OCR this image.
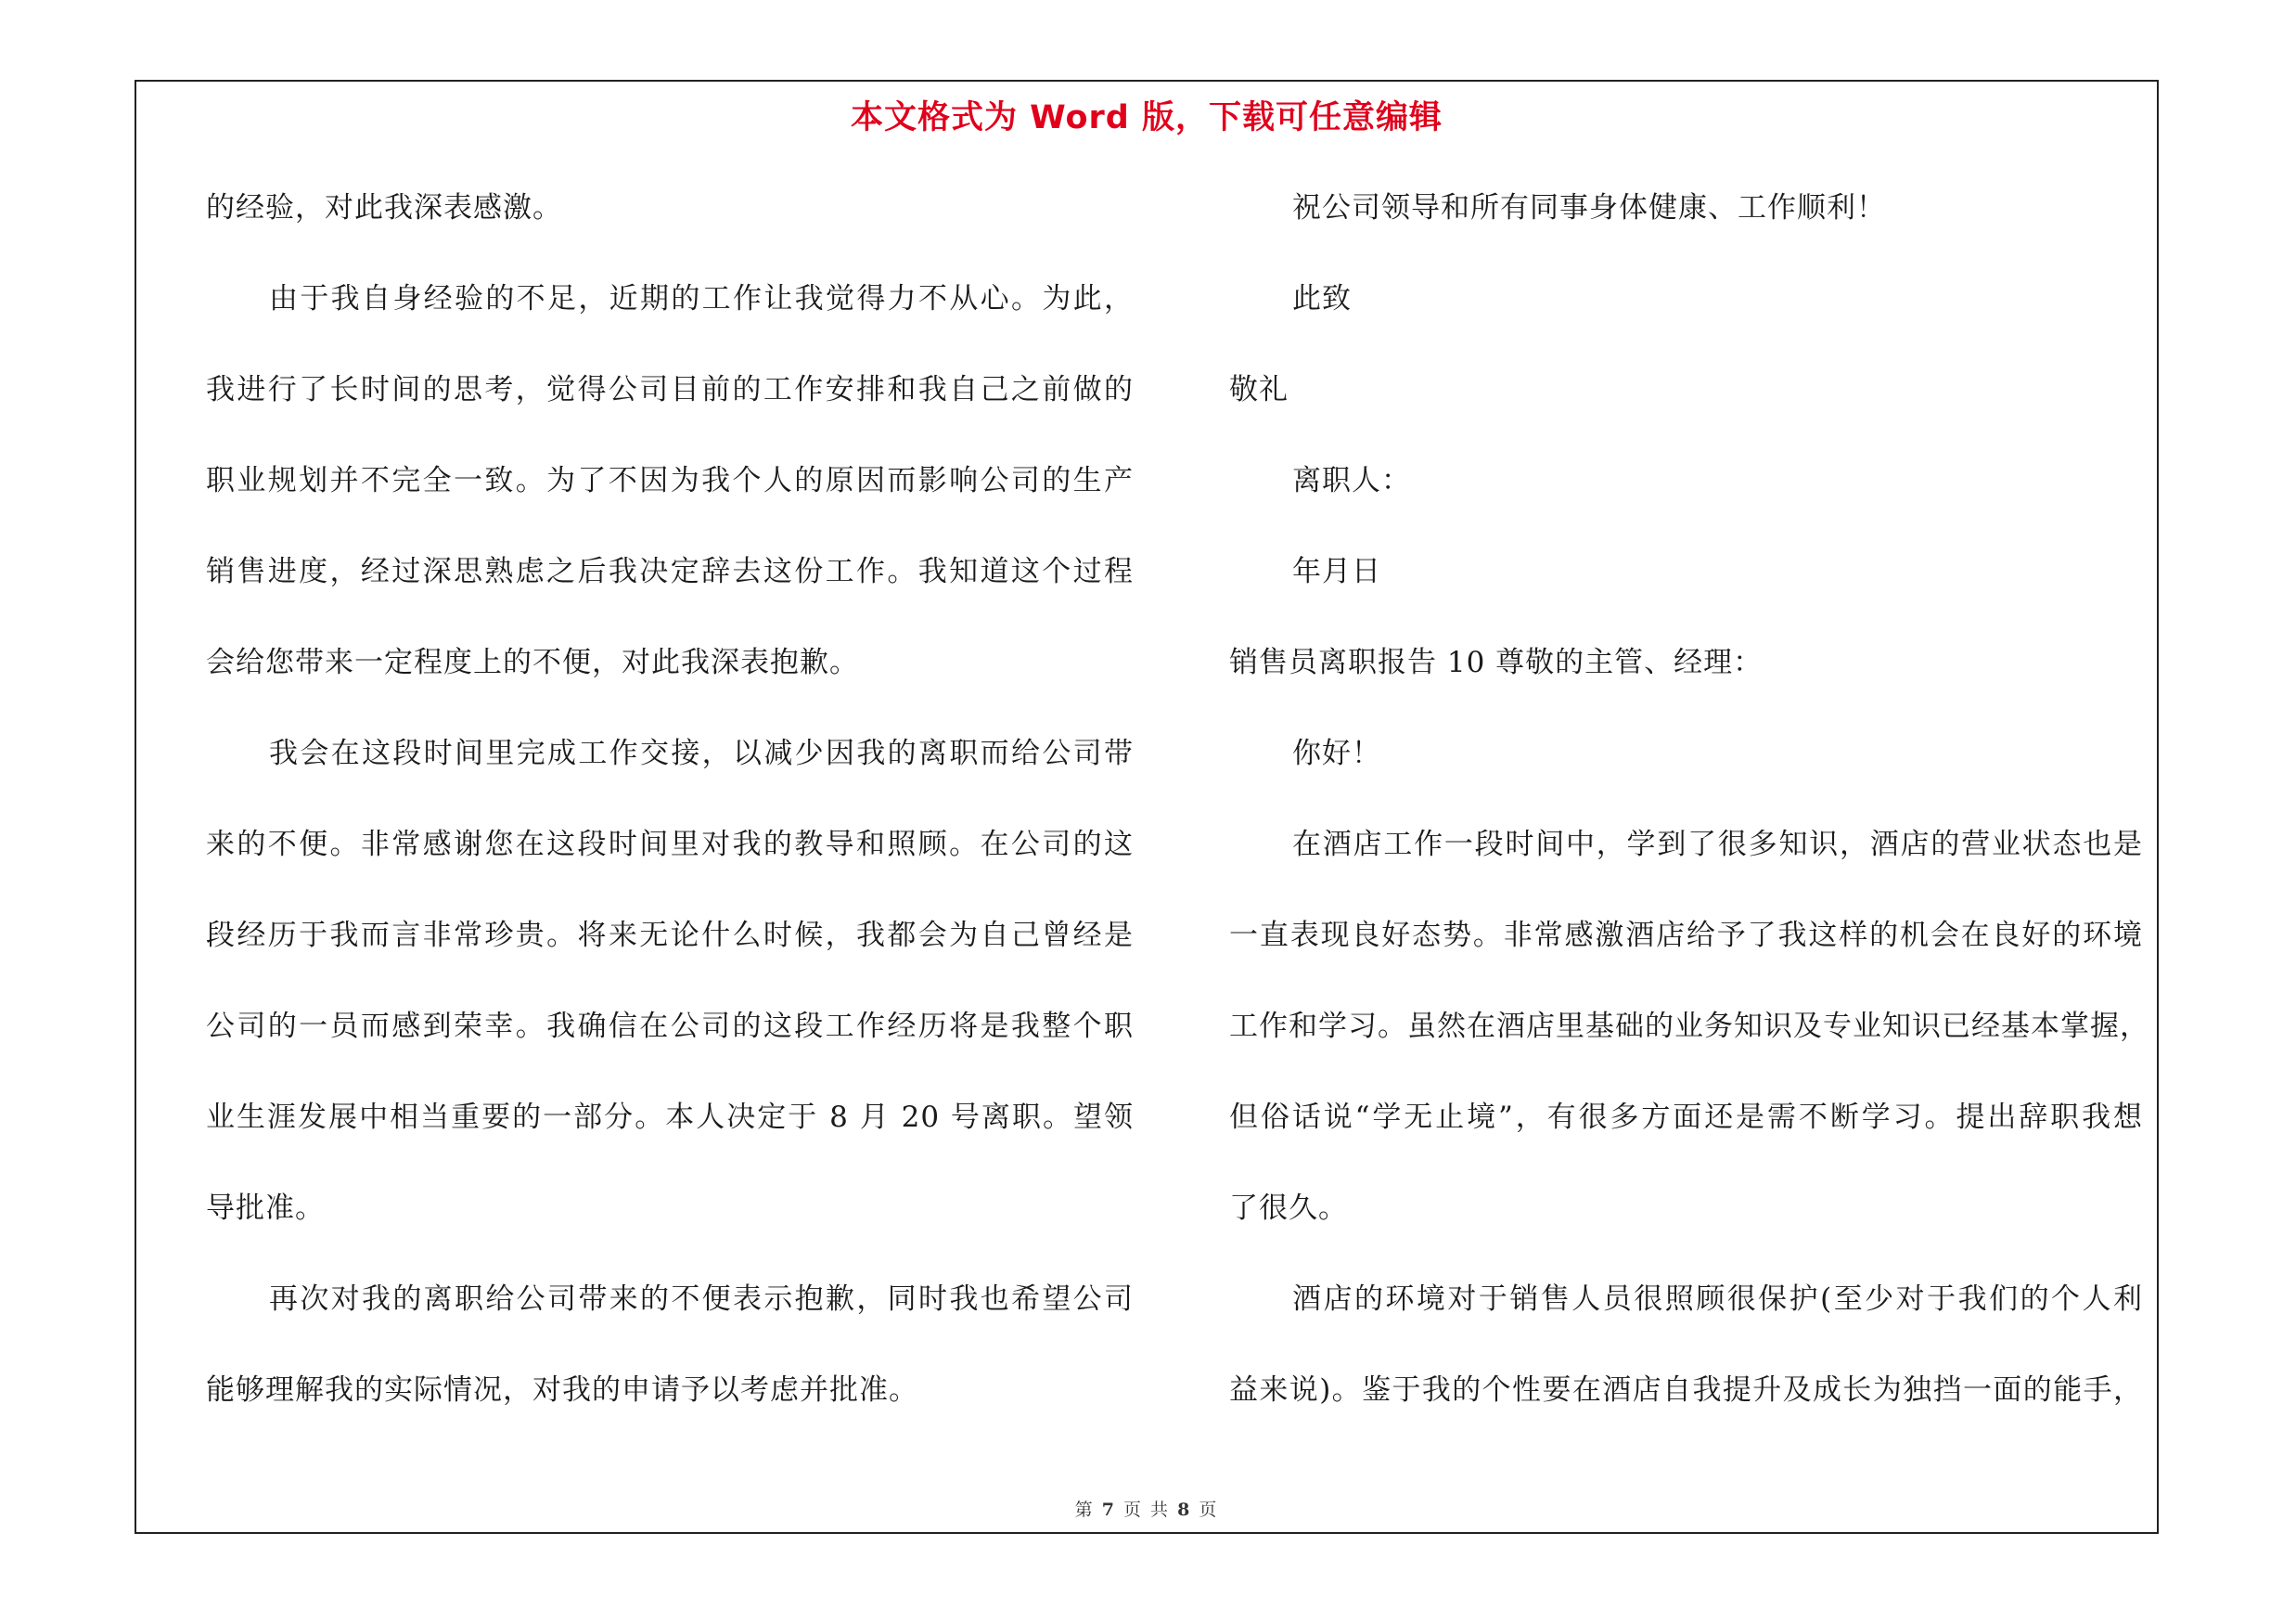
本文格式为 Word 版，下载可任意编辑
的经验，对此我深表感激。
由于我自身经验的不足，近期的工作让我觉得力不从心。为此，
我进行了长时间的思考，觉得公司目前的工作安排和我自己之前做的
职业规划并不完全一致。为了不因为我个人的原因而影响公司的生产
销售进度，经过深思熟虑之后我决定辞去这份工作。我知道这个过程
会给您带来一定程度上的不便，对此我深表抱歉。
我会在这段时间里完成工作交接，以减少因我的离职而给公司带
来的不便。非常感谢您在这段时间里对我的教导和照顾。在公司的这
段经历于我而言非常珍贵。将来无论什么时候，我都会为自己曾经是
公司的一员而感到荣幸。我确信在公司的这段工作经历将是我整个职
业生涯发展中相当重要的一部分。本人决定于 8 月 20 号离职。望领
导批准。
再次对我的离职给公司带来的不便表示抱歉，同时我也希望公司
能够理解我的实际情况，对我的申请予以考虑并批准。
祝公司领导和所有同事身体健康、工作顺利！
此致
敬礼
离职人：
年月日
销售员离职报告 10 尊敬的主管、经理：
你好！
在酒店工作一段时间中，学到了很多知识，酒店的营业状态也是
一直表现良好态势。非常感激酒店给予了我这样的机会在良好的环境
工作和学习。虽然在酒店里基础的业务知识及专业知识已经基本掌握，
但俗话说“学无止境”，有很多方面还是需不断学习。提出辞职我想
了很久。
酒店的环境对于销售人员很照顾很保护(至少对于我们的个人利
益来说)。鉴于我的个性要在酒店自我提升及成长为独挡一面的能手，
第 7 页 共 8 页
